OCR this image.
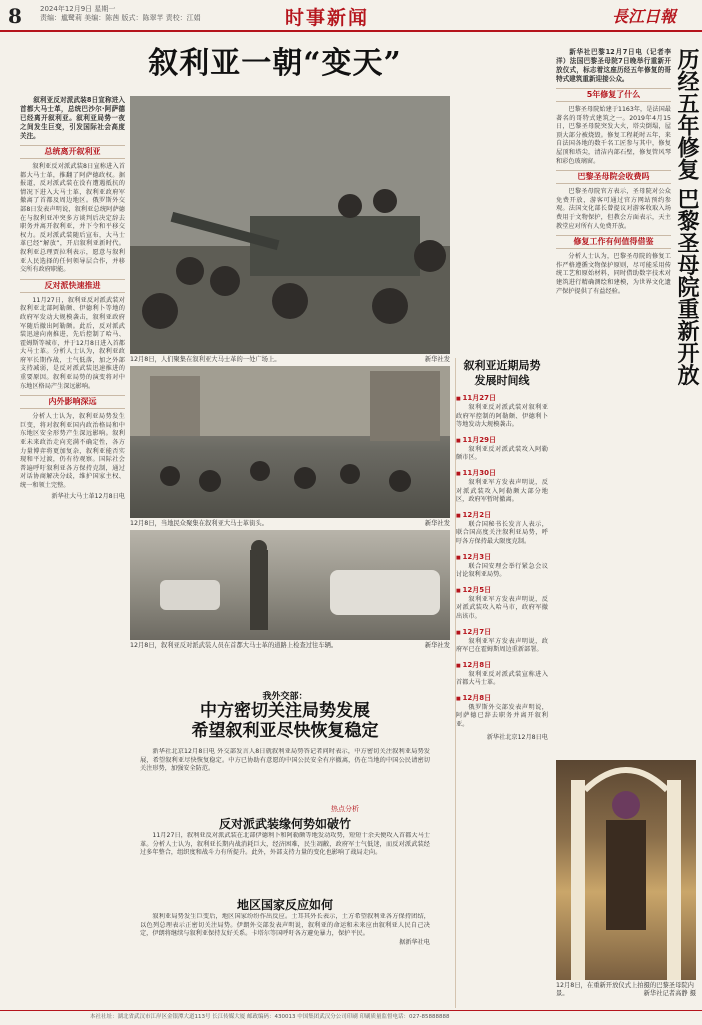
8	2024年12月9日 星期一
责编：尴鹭莉 美编：陈茜 版式：陈翠芊 责校：江娟	时事新闻	長江日報
叙利亚一朝“变天”

叙利亚反对派武装8日宣称进入首都大马士革，总统巴沙尔·阿萨德已经离开叙利亚。叙利亚局势一夜之间发生巨变，引发国际社会高度关注。

总统离开叙利亚

叙利亚反对派武装8日宣称进入首都大马士革，推翻了阿萨德政权。据报道，反对派武装在没有遭遇抵抗的情况下进入大马士革，叙利亚政府军撤离了首都及周边地区。俄罗斯外交部8日发表声明说，叙利亚总统阿萨德在与叙利亚冲突多方谈判后决定辞去职务并离开叙利亚，并下令和平移交权力。反对派武装随后宣布，大马士革已经“解放”，开启叙利亚新时代。叙利亚总理贾拉利表示，愿意与叙利亚人民选择的任何领导层合作，并移交所有政府职能。

反对派快速推进

11月27日，叙利亚反对派武装对叙利亚北部阿勒颇、伊德利卜等地的政府军发动大规模袭击，叙利亚政府军随后撤出阿勒颇。此后，反对派武装迅速向南推进，先后控制了哈马、霍姆斯等城市，并于12月8日进入首都大马士革。分析人士认为，叙利亚政府军长期作战，士气低落，加之外部支持减弱，是反对派武装迅速推进的重要原因。叙利亚局势的演变将对中东地区格局产生深远影响。

内外影响深远

分析人士认为，叙利亚局势发生巨变，将对叙利亚国内政治格局和中东地区安全形势产生深远影响。叙利亚未来政治走向充满不确定性，各方力量博弈将更加复杂，叙利亚能否实现和平过渡，仍有待观察。国际社会普遍呼吁叙利亚各方保持克制，通过对话协商解决分歧，维护国家主权、统一和领土完整。

新华社大马士革12月8日电

12月8日，人们聚集在叙利亚大马士革的一处广场上。	新华社发
12月8日，当地民众聚集在叙利亚大马士革街头。	新华社发
12月8日，叙利亚反对派武装人员在首都大马士革的道路上检查过往车辆。	新华社发
我外交部：
中方密切关注局势发展
希望叙利亚尽快恢复稳定

新华社北京12月8日电 外交部发言人8日就叙利亚局势答记者问时表示，中方密切关注叙利亚局势发展，希望叙利亚尽快恢复稳定。中方已协助有意愿的中国公民安全有序撤离，仍在当地的中国公民请密切关注形势，加强安全防范。

热点分析
反对派武装缘何势如破竹

11月27日，叙利亚反对派武装在北部伊德利卜和阿勒颇等地发动攻势，短短十余天便攻入首都大马士革。分析人士认为，叙利亚长期内战消耗巨大，经济困难，民生凋敝，政府军士气低迷，而反对派武装经过多年整合，组织度和战斗力有所提升。此外，外部支持力量的变化也影响了战局走向。

地区国家反应如何

叙利亚局势发生巨变后，地区国家纷纷作出反应。土耳其外长表示，土方希望叙利亚各方保持团结，以色列总理表示正密切关注局势。伊朗外交部发表声明说，叙利亚的命运和未来应由叙利亚人民自己决定，伊朗将继续与叙利亚保持友好关系。卡塔尔等国呼吁各方避免暴力，保护平民。

据新华社电

叙利亚近期局势
发展时间线
■ 11月27日
叙利亚反对派武装对叙利亚政府军控制的阿勒颇、伊德利卜等地发动大规模袭击。
■ 11月29日
叙利亚反对派武装攻入阿勒颇市区。
■ 11月30日
叙利亚军方发表声明说，反对派武装攻入阿勒颇大部分地区，政府军暂时撤离。
■ 12月2日
联合国秘书长发言人表示，联合国高度关注叙利亚局势，呼吁各方保持最大限度克制。
■ 12月3日
联合国安理会举行紧急会议讨论叙利亚局势。
■ 12月5日
叙利亚军方发表声明说，反对派武装攻入哈马市，政府军撤出该市。
■ 12月7日
叙利亚军方发表声明说，政府军已在霍姆斯周边重新部署。
■ 12月8日
叙利亚反对派武装宣称进入首都大马士革。
■ 12月8日
俄罗斯外交部发表声明说，阿萨德已辞去职务并离开叙利亚。
新华社北京12月8日电

新华社巴黎12月7日电（记者李洋）法国巴黎圣母院7日晚举行重新开放仪式，标志着这座历经五年修复的哥特式建筑重新迎接公众。

5年修复了什么

巴黎圣母院始建于1163年，是法国最著名的哥特式建筑之一。2019年4月15日，巴黎圣母院突发大火，塔尖倒塌，屋顶大部分被烧毁。修复工程耗时五年，来自法国各地的数千名工匠参与其中，修复屋顶和塔尖，清洁内部石壁，修复管风琴和彩色玻璃窗。

巴黎圣母院会收费吗

巴黎圣母院官方表示，圣母院对公众免费开放，游客可通过官方网站预约参观。法国文化部长曾提议对游客收取入场费用于文物保护，但教会方面表示，天主教堂应对所有人免费开放。

修复工作有何值得借鉴

分析人士认为，巴黎圣母院的修复工作严格遵循文物保护原则，尽可能采用传统工艺和原始材料，同时借助数字技术对建筑进行精确测绘和建模，为世界文化遗产保护提供了有益经验。	历经五年修复 巴黎圣母院重新开放
12月8日，在重新开放仪式上拍摄的巴黎圣母院内景。	新华社记者高静 摄
本社社址：湖北省武汉市江岸区金银潭大道113号 长江传媒大厦 邮政编码：430013 中国集团武汉分公司印刷 印刷质量监督电话：027-85888888
